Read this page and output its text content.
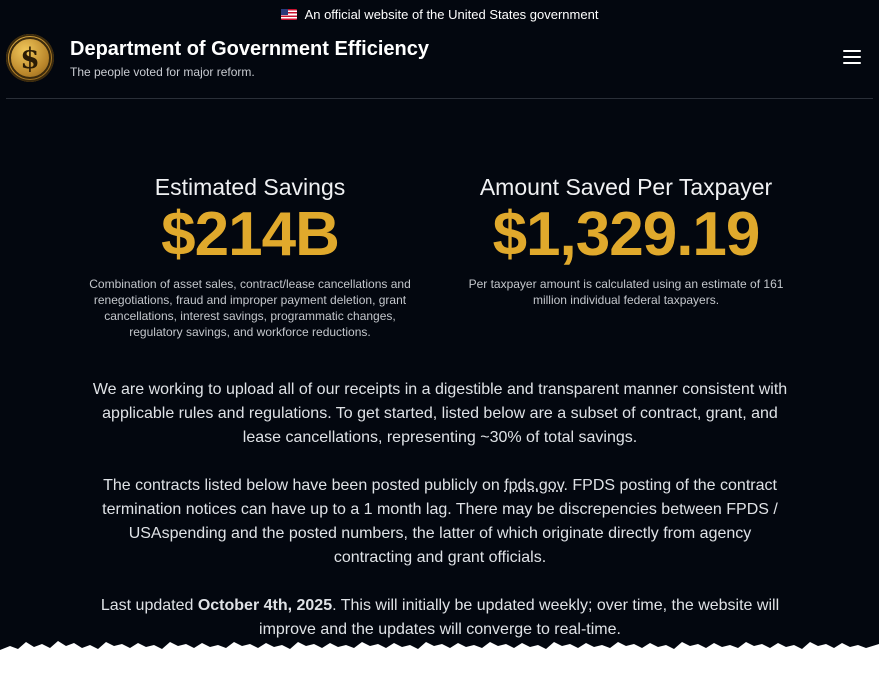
An official website of the United States government
$	Department of Government Efficiency
The people voted for major reform.
Estimated Savings
$214B
Combination of asset sales, contract/lease cancellations and renegotiations, fraud and improper payment deletion, grant cancellations, interest savings, programmatic changes, regulatory savings, and workforce reductions.
Amount Saved Per Taxpayer
$1,329.19
Per taxpayer amount is calculated using an estimate of 161 million individual federal taxpayers.

We are working to upload all of our receipts in a digestible and transparent manner consistent with applicable rules and regulations. To get started, listed below are a subset of contract, grant, and lease cancellations, representing ~30% of total savings.

The contracts listed below have been posted publicly on fpds.gov. FPDS posting of the contract termination notices can have up to a 1 month lag. There may be discrepencies between FPDS / USAspending and the posted numbers, the latter of which originate directly from agency contracting and grant officials.

Last updated October 4th, 2025. This will initially be updated weekly; over time, the website will improve and the updates will converge to real-time.
